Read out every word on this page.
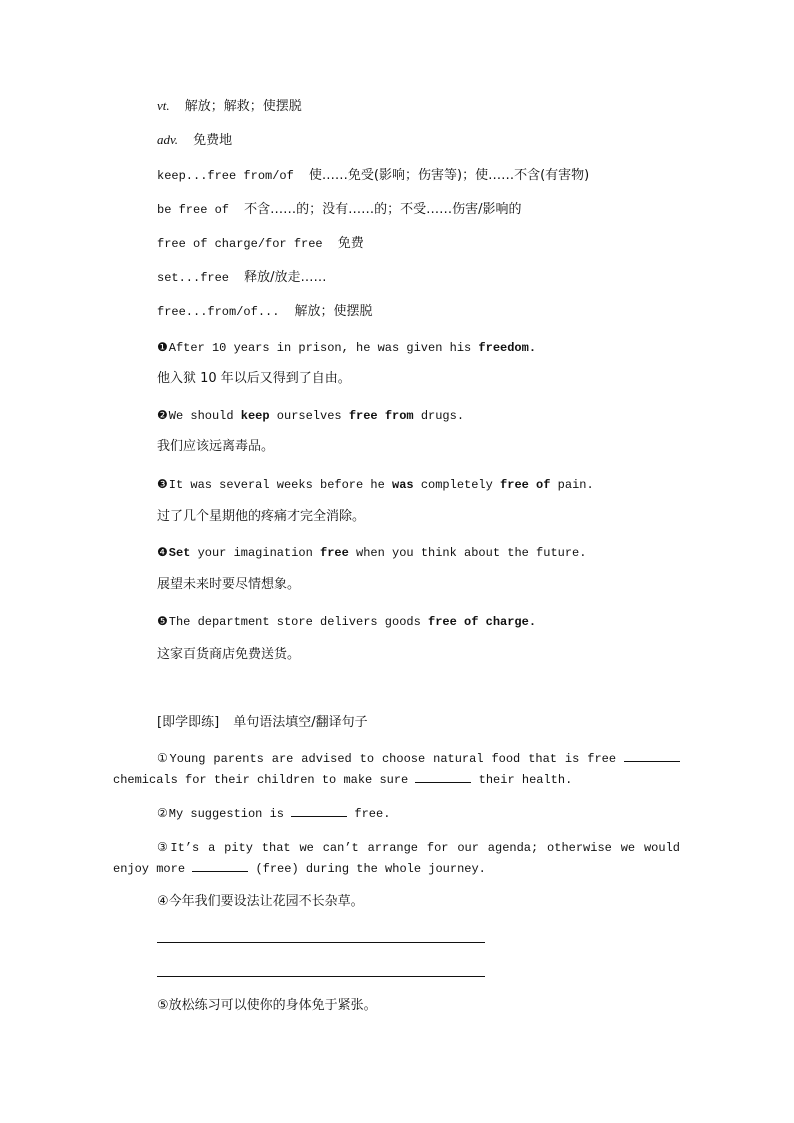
vt. 解放；解救；使摆脱
adv. 免费地
keep...free from/of 使……免受(影响；伤害等)；使……不含(有害物)
be free of 不含……的；没有……的；不受……伤害/影响的
free of charge/for free 免费
set...free 释放/放走……
free...from/of... 解放；使摆脱
❶After 10 years in prison, he was given his freedom.
他入狱 10 年以后又得到了自由。
❷We should keep ourselves free from drugs.
我们应该远离毒品。
❸It was several weeks before he was completely free of pain.
过了几个星期他的疼痛才完全消除。
❹Set your imagination free when you think about the future.
展望未来时要尽情想象。
❺The department store delivers goods free of charge.
这家百货商店免费送货。
[即学即练] 单句语法填空/翻译句子
①Young parents are advised to choose natural food that is free  chemicals for their children to make sure	their health.
②My suggestion is	free.
③It’s a pity that we can’t arrange for our agenda; otherwise we would enjoy more	(free) during the whole journey.
④今年我们要设法让花园不长杂草。
⑤放松练习可以使你的身体免于紧张。
